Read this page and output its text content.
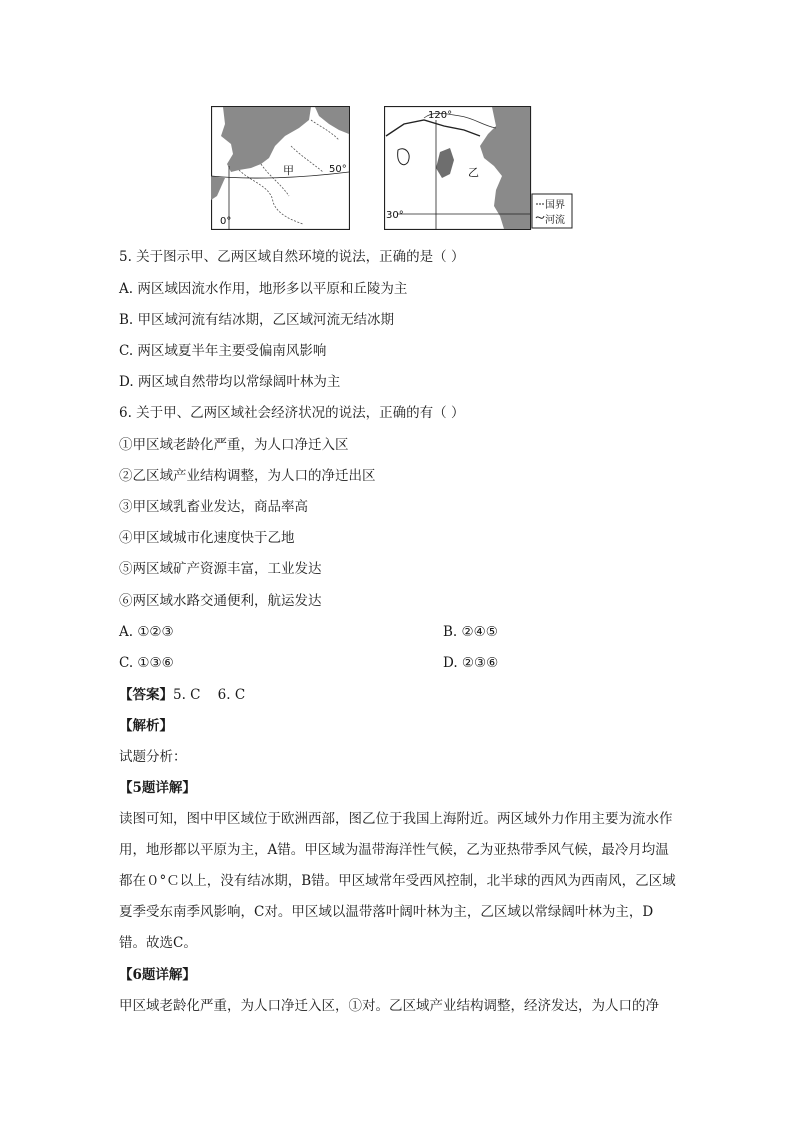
甲	50°
0°
120°
乙
30°
国界
河流
5. 关于图示甲、乙两区域自然环境的说法，正确的是（ ）
A. 两区域因流水作用，地形多以平原和丘陵为主
B. 甲区域河流有结冰期，乙区域河流无结冰期
C. 两区域夏半年主要受偏南风影响
D. 两区域自然带均以常绿阔叶林为主
6. 关于甲、乙两区域社会经济状况的说法，正确的有（ ）
①甲区域老龄化严重，为人口净迁入区
②乙区域产业结构调整，为人口的净迁出区
③甲区域乳畜业发达，商品率高
④甲区域城市化速度快于乙地
⑤两区域矿产资源丰富，工业发达
⑥两区域水路交通便利，航运发达
A. ①②③	B. ②④⑤
C. ①③⑥	D. ②③⑥
【答案】5. C    6. C
【解析】
试题分析：
【5题详解】
读图可知，图中甲区域位于欧洲西部，图乙位于我国上海附近。两区域外力作用主要为流水作用，地形都以平原为主，A错。甲区域为温带海洋性气候，乙为亚热带季风气候，最冷月均温都在０°Ｃ以上，没有结冰期，B错。甲区域常年受西风控制，北半球的西风为西南风，乙区域夏季受东南季风影响，C对。甲区域以温带落叶阔叶林为主，乙区域以常绿阔叶林为主，D错。故选C。
【6题详解】
甲区域老龄化严重，为人口净迁入区，①对。乙区域产业结构调整，经济发达，为人口的净
